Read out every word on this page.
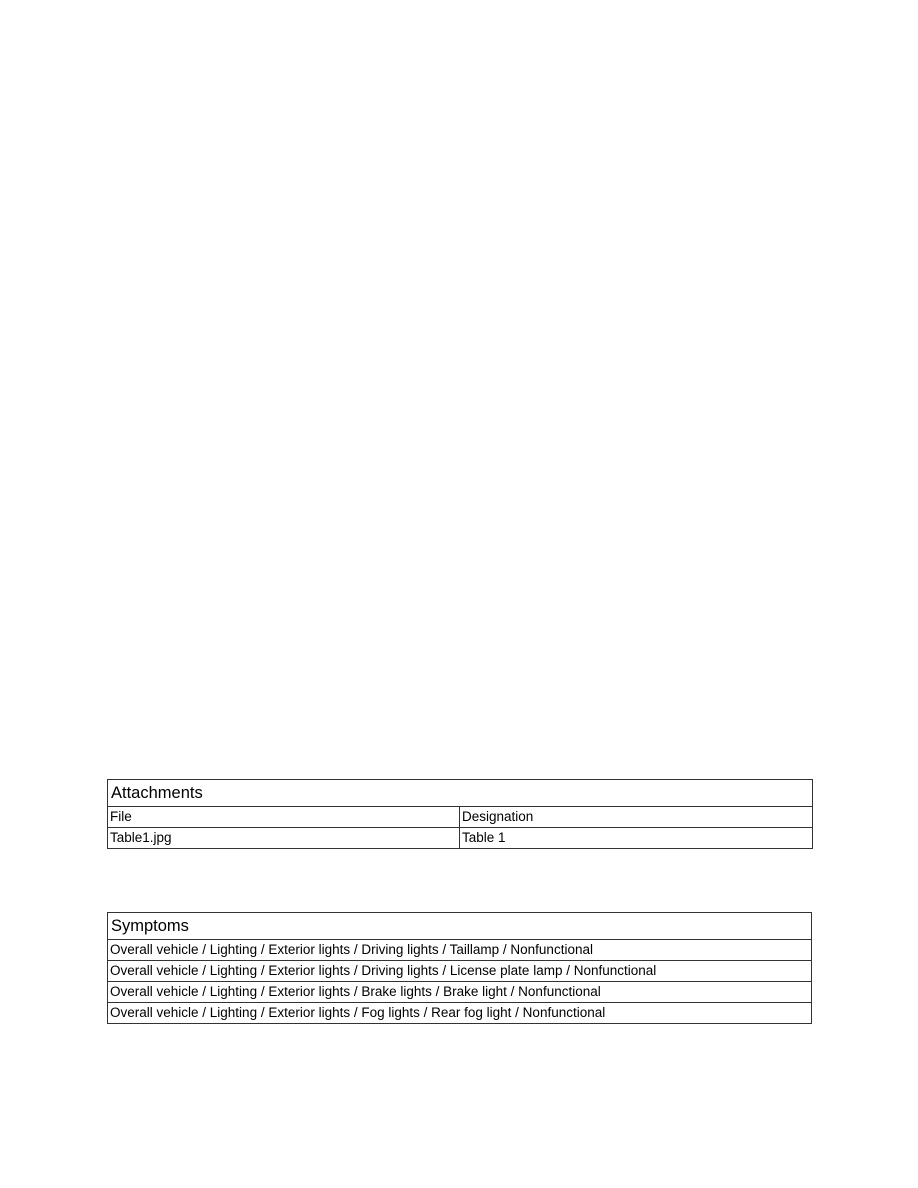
Attachments	
File	Designation
Table1.jpg	Table 1
Symptoms
Overall vehicle / Lighting / Exterior lights / Driving lights / Taillamp / Nonfunctional
Overall vehicle / Lighting / Exterior lights / Driving lights / License plate lamp / Nonfunctional
Overall vehicle / Lighting / Exterior lights / Brake lights / Brake light / Nonfunctional
Overall vehicle / Lighting / Exterior lights / Fog lights / Rear fog light / Nonfunctional
